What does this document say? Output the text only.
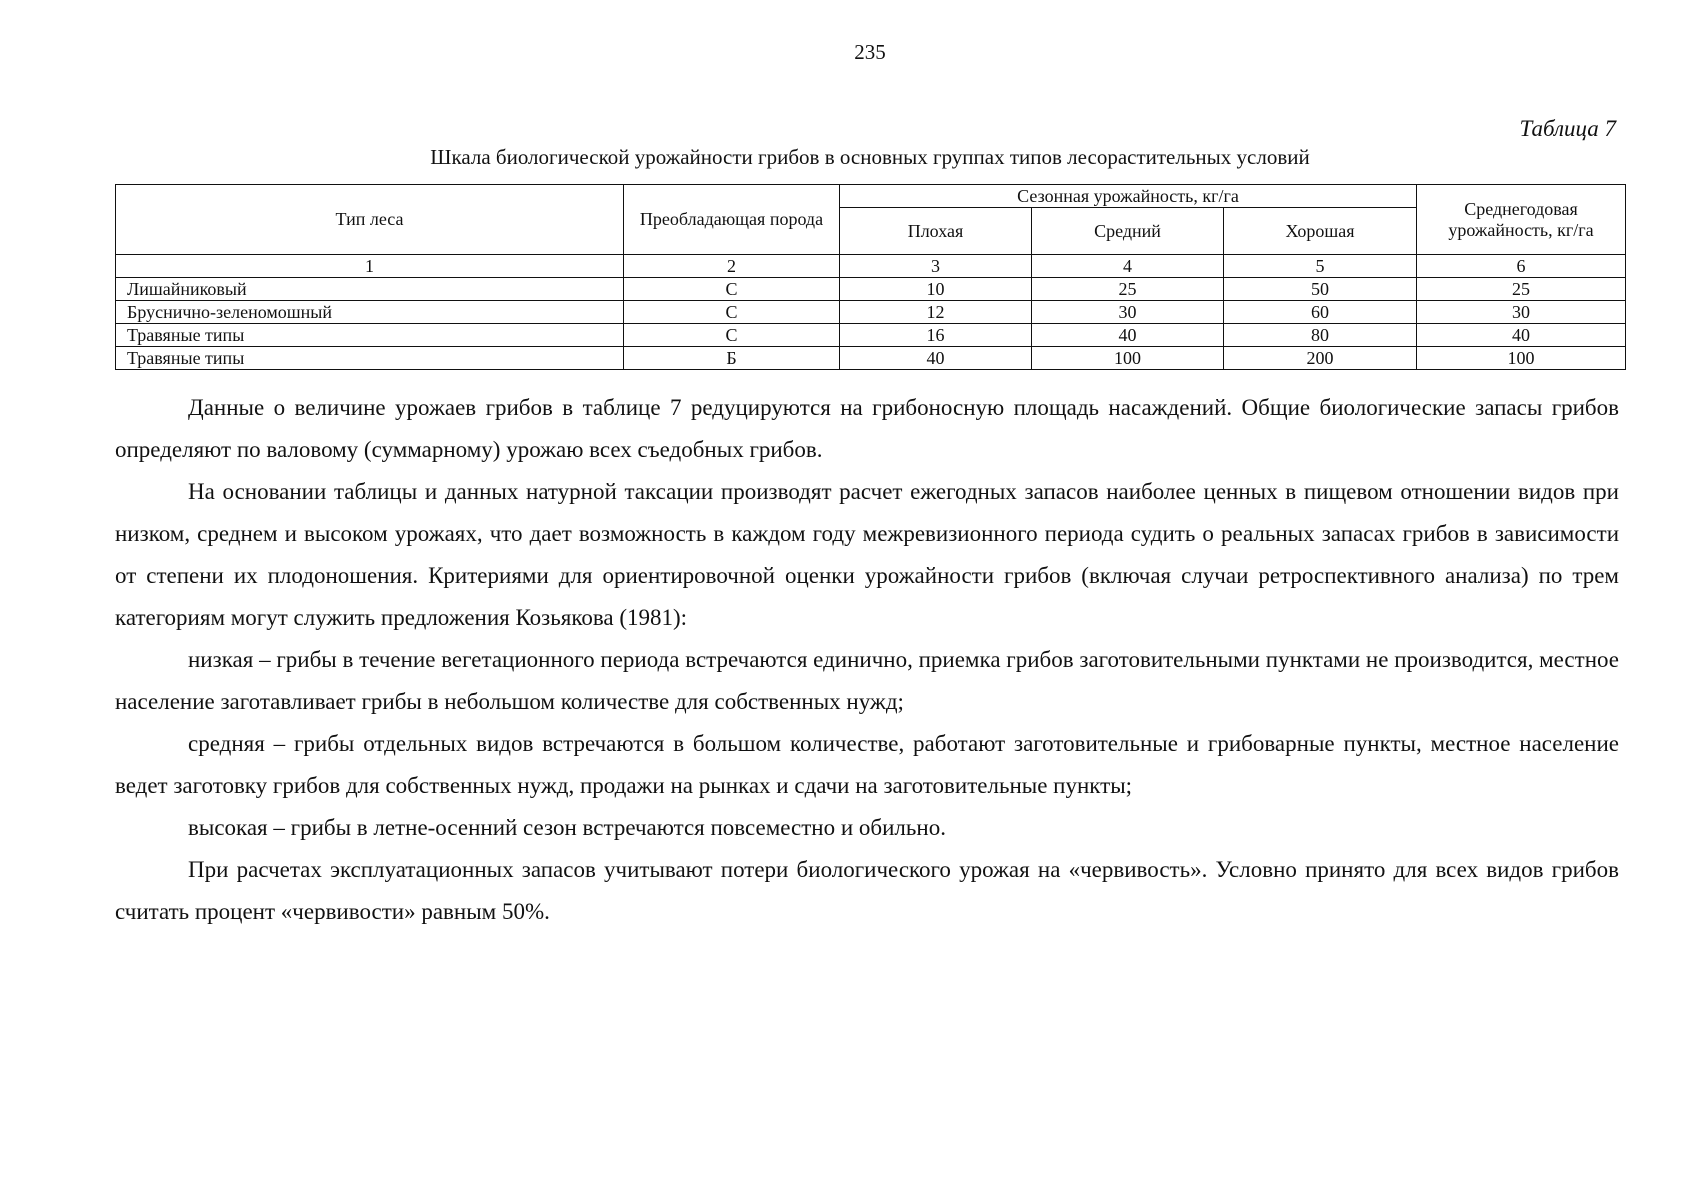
235
Таблица 7
Шкала биологической урожайности грибов в основных группах типов лесорастительных условий
Тип леса	Преобладающая порода	Сезонная урожайность, кг/га			Среднегодовая урожайность, кг/га
		Плохая	Средний	Хорошая	
1	2	3	4	5	6
Лишайниковый	С	10	25	50	25
Бруснично-зеленомошный	С	12	30	60	30
Травяные типы	С	16	40	80	40
Травяные типы	Б	40	100	200	100

Данные о величине урожаев грибов в таблице 7 редуцируются на грибоносную площадь насаждений. Общие биологические запасы грибов определяют по валовому (суммарному) урожаю всех съедобных грибов.

На основании таблицы и данных натурной таксации производят расчет ежегодных запасов наиболее ценных в пищевом отношении видов при низком, среднем и высоком урожаях, что дает возможность в каждом году межревизионного периода судить о реальных запасах грибов в зависимости от степени их плодоношения. Критериями для ориентировочной оценки урожайности грибов (включая случаи ретроспективного анализа) по трем категориям могут служить предложения Козьякова (1981):

низкая – грибы в течение вегетационного периода встречаются единично, приемка грибов заготовительными пунктами не производится, местное население заготавливает грибы в небольшом количестве для собственных нужд;

средняя – грибы отдельных видов встречаются в большом количестве, работают заготовительные и грибоварные пункты, местное население ведет заготовку грибов для собственных нужд, продажи на рынках и сдачи на заготовительные пункты;

высокая – грибы в летне-осенний сезон встречаются повсеместно и обильно.

При расчетах эксплуатационных запасов учитывают потери биологического урожая на «червивость». Условно принято для всех видов грибов считать процент «червивости» равным 50%.
